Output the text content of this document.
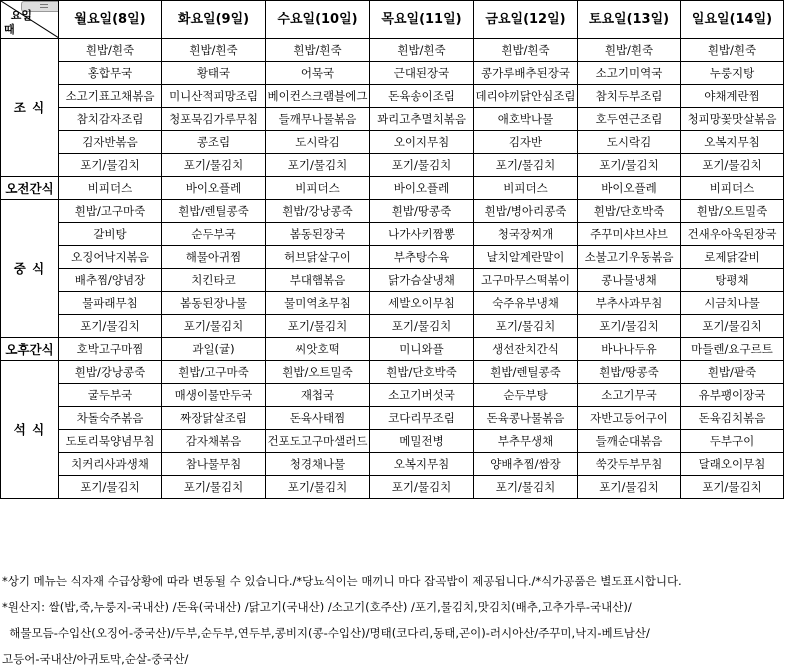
요일
때	월요일(8일)	화요일(9일)	수요일(10일)	목요일(11일)	금요일(12일)	토요일(13일)	일요일(14일)
조 식	흰밥/흰죽	흰밥/흰죽	흰밥/흰죽	흰밥/흰죽	흰밥/흰죽	흰밥/흰죽	흰밥/흰죽
	홍합무국	황태국	어묵국	근대된장국	콩가루배추된장국	소고기미역국	누룽지탕
	소고기표고채볶음	미니산적피망조림	베이컨스크램블에그	돈육송이조림	데리야끼닭안심조림	참치두부조림	야채계란찜
	참치감자조림	청포묵김가루무침	들깨무나물볶음	꽈리고추멸치볶음	애호박나물	호두연근조림	청피망꽃맛살볶음
	김자반볶음	콩조림	도시락김	오이지무침	김자반	도시락김	오복지무침
	포기/물김치	포기/물김치	포기/물김치	포기/물김치	포기/물김치	포기/물김치	포기/물김치
오전간식	비피더스	바이오플레	비피더스	바이오플레	비피더스	바이오플레	비피더스
중 식	흰밥/고구마죽	흰밥/렌틸콩죽	흰밥/강낭콩죽	흰밥/땅콩죽	흰밥/병아리콩죽	흰밥/단호박죽	흰밥/오트밀죽
	갈비탕	순두부국	봄동된장국	나가사키짬뽕	청국장찌개	주꾸미샤브샤브	건새우아욱된장국
	오징어낙지볶음	해물아귀찜	허브닭살구이	부추탕수육	날치알계란말이	소불고기우동볶음	로제닭갈비
	배추찜/양념장	치킨타코	부대햄볶음	닭가슴살냉채	고구마무스떡볶이	콩나물냉채	탕평채
	물파래무침	봄동된장나물	물미역초무침	세발오이무침	숙주유부냉채	부추사과무침	시금치나물
	포기/물김치	포기/물김치	포기/물김치	포기/물김치	포기/물김치	포기/물김치	포기/물김치
오후간식	호박고구마찜	과일(귤)	씨앗호떡	미니와플	생선잔치간식	바나나두유	마들렌/요구르트
석 식	흰밥/강낭콩죽	흰밥/고구마죽	흰밥/오트밀죽	흰밥/단호박죽	흰밥/렌틸콩죽	흰밥/땅콩죽	흰밥/팥죽
	굴두부국	매생이물만두국	재첩국	소고기버섯국	순두부탕	소고기무국	유부팽이장국
	차돌숙주볶음	짜장닭살조림	돈육사태찜	코다리무조림	돈육콩나물볶음	자반고등어구이	돈육김치볶음
	도토리묵양념무침	감자채볶음	건포도고구마샐러드	메밀전병	부추무생채	들깨순대볶음	두부구이
	치커리사과생채	참나물무침	청경채나물	오복지무침	양배추찜/쌈장	쑥갓두부무침	달래오이무침
	포기/물김치	포기/물김치	포기/물김치	포기/물김치	포기/물김치	포기/물김치	포기/물김치
*상기 메뉴는 식자재 수급상황에 따라 변동될 수 있습니다./*당뇨식이는 매끼니 마다 잡곡밥이 제공됩니다./*식가공품은 별도표시합니다.
*원산지: 쌀(밥,죽,누룽지-국내산) /돈육(국내산) /닭고기(국내산) /소고기(호주산) /포기,물김치,맛김치(배추,고추가루-국내산)/
해물모듬-수입산(오징어-중국산)/두부,순두부,연두부,콩비지(콩-수입산)/명태(코다리,동태,곤이)-러시아산/주꾸미,낙지-베트남산/
고등어-국내산/아귀토막,순살-중국산/
